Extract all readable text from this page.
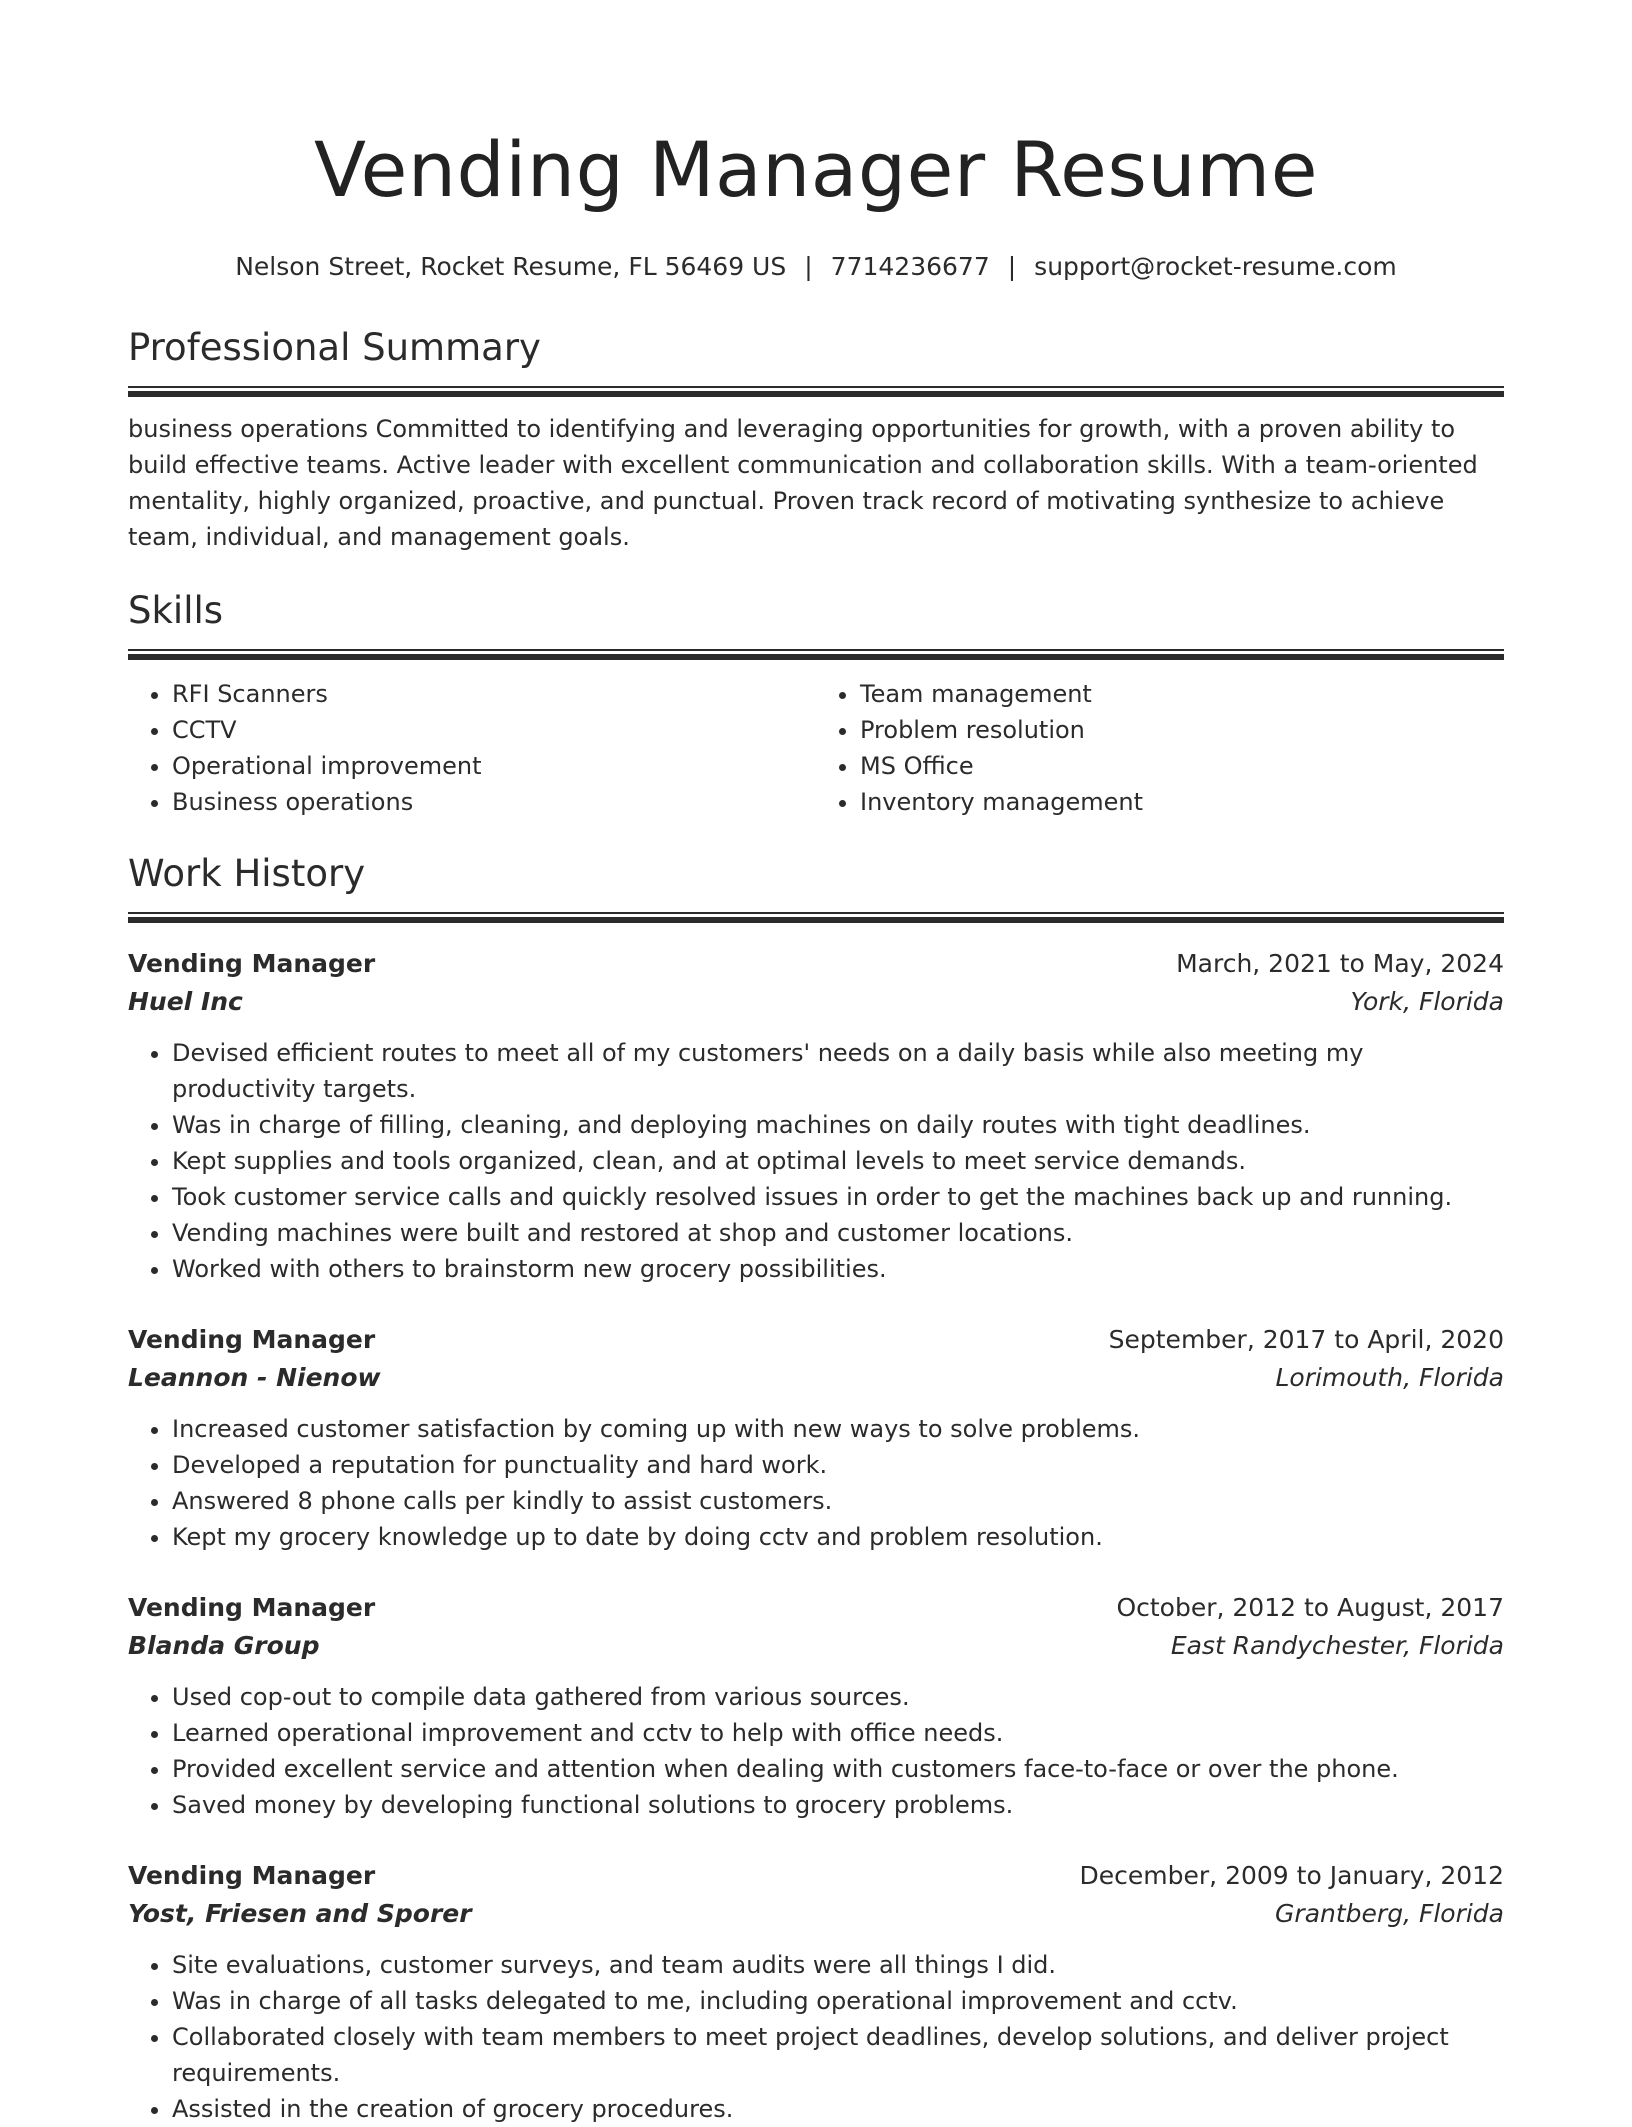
Vending Manager Resume
Nelson Street, Rocket Resume, FL 56469 US | 7714236677 | support@rocket-resume.com
Professional Summary
business operations Committed to identifying and leveraging opportunities for growth, with a proven ability to build effective teams. Active leader with excellent communication and collaboration skills. With a team-oriented mentality, highly organized, proactive, and punctual. Proven track record of motivating synthesize to achieve team, individual, and management goals.
Skills
• RFI Scanners
• CCTV
• Operational improvement
• Business operations
• Team management
• Problem resolution
• MS Office
• Inventory management
Work History
Vending Manager	March, 2021 to May, 2024
Huel Inc	York, Florida
• Devised efficient routes to meet all of my customers' needs on a daily basis while also meeting my productivity targets.
• Was in charge of filling, cleaning, and deploying machines on daily routes with tight deadlines.
• Kept supplies and tools organized, clean, and at optimal levels to meet service demands.
• Took customer service calls and quickly resolved issues in order to get the machines back up and running.
• Vending machines were built and restored at shop and customer locations.
• Worked with others to brainstorm new grocery possibilities.
Vending Manager	September, 2017 to April, 2020
Leannon - Nienow	Lorimouth, Florida
• Increased customer satisfaction by coming up with new ways to solve problems.
• Developed a reputation for punctuality and hard work.
• Answered 8 phone calls per kindly to assist customers.
• Kept my grocery knowledge up to date by doing cctv and problem resolution.
Vending Manager	October, 2012 to August, 2017
Blanda Group	East Randychester, Florida
• Used cop-out to compile data gathered from various sources.
• Learned operational improvement and cctv to help with office needs.
• Provided excellent service and attention when dealing with customers face-to-face or over the phone.
• Saved money by developing functional solutions to grocery problems.
Vending Manager	December, 2009 to January, 2012
Yost, Friesen and Sporer	Grantberg, Florida
• Site evaluations, customer surveys, and team audits were all things I did.
• Was in charge of all tasks delegated to me, including operational improvement and cctv.
• Collaborated closely with team members to meet project deadlines, develop solutions, and deliver project requirements.
• Assisted in the creation of grocery procedures.
